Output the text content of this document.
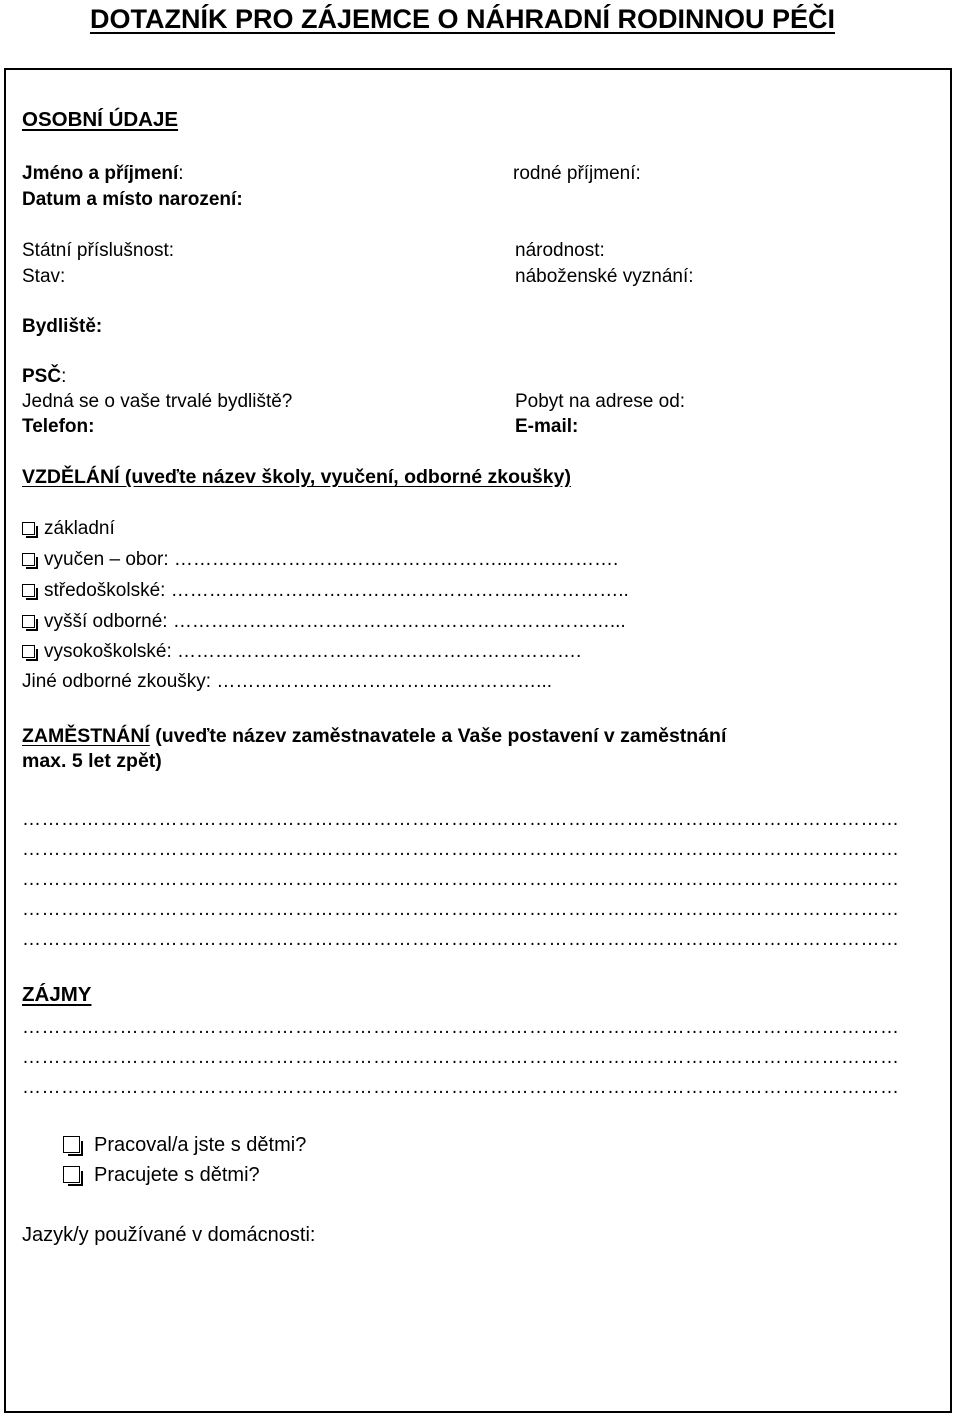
DOTAZNÍK PRO ZÁJEMCE O NÁHRADNÍ RODINNOU PÉČI
OSOBNÍ ÚDAJE
Jméno a příjmení:	rodné příjmení:
Datum a místo narození:
Státní příslušnost:	národnost:
Stav:	náboženské vyznání:
Bydliště:
PSČ:
Jedná se o vaše trvalé bydliště?	Pobyt na adrese od:
Telefon:	E-mail:
VZDĚLÁNÍ (uveďte název školy, vyučení, odborné zkoušky)
základní
vyučen – obor: ……………………………………………...…….……….
středoškolské: ………………………………………………..……………..
vyšší odborné: ……………………………………………………………...
vysokoškolské: ……………………………………………………….
Jiné odborné zkoušky: ………………………………...…………...
ZAMĚSTNÁNÍ (uveďte název zaměstnavatele a Vaše postavení v zaměstnání
max. 5 let zpět)
………………………………………………………………………………………………………………………
………………………………………………………………………………………………………………………
………………………………………………………………………………………………………………………
………………………………………………………………………………………………………………………
………………………………………………………………………………………………………………………
ZÁJMY
………………………………………………………………………………………………………………………
………………………………………………………………………………………………………………………
………………………………………………………………………………………………………………………
Pracoval/a jste s dětmi?
Pracujete s dětmi?
Jazyk/y používané v domácnosti:
